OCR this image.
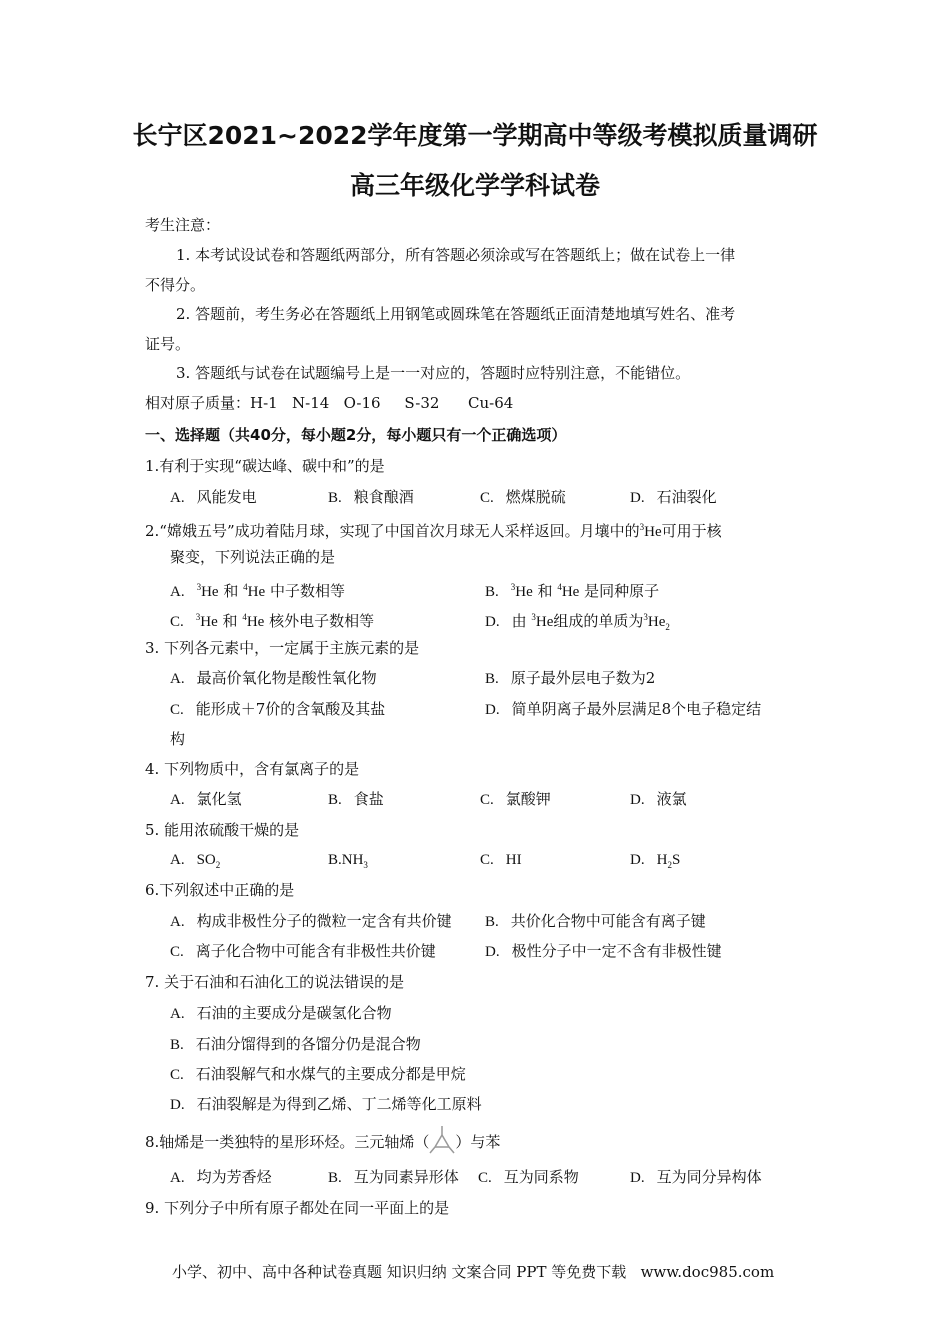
长宁区2021~2022学年度第一学期高中等级考模拟质量调研
高三年级化学学科试卷
考生注意：
1. 本考试设试卷和答题纸两部分，所有答题必须涂或写在答题纸上；做在试卷上一律
不得分。
2. 答题前，考生务必在答题纸上用钢笔或圆珠笔在答题纸正面清楚地填写姓名、准考
证号。
3. 答题纸与试卷在试题编号上是一一对应的，答题时应特别注意，不能错位。
相对原子质量：H-1   N-14   O-16     S-32      Cu-64
一、选择题（共40分，每小题2分，每小题只有一个正确选项）
1.有利于实现“碳达峰、碳中和”的是
A. 风能发电	B. 粮食酿酒	C. 燃煤脱硫	D. 石油裂化
2.“嫦娥五号”成功着陆月球，实现了中国首次月球无人采样返回。月壤中的$^3$He可用于核
聚变，下列说法正确的是
A. $^3$He 和 $^4$He 中子数相等	B. $^3$He 和 $^4$He 是同种原子
C. $^3$He 和 $^4$He 核外电子数相等	D. 由 $^3$He组成的单质为$^3He_2$
3. 下列各元素中，一定属于主族元素的是
A. 最高价氧化物是酸性氧化物	B. 原子最外层电子数为2
C. 能形成＋7价的含氧酸及其盐	D. 简单阴离子最外层满足8个电子稳定结
构
4. 下列物质中，含有氯离子的是
A. 氯化氢	B. 食盐	C. 氯酸钾	D. 液氯
5. 能用浓硫酸干燥的是
A. $SO_2$	$B.NH_3$	C. HI	D. $H_2S$
6.下列叙述中正确的是
A. 构成非极性分子的微粒一定含有共价键 B. 共价化合物中可能含有离子键
C. 离子化合物中可能含有非极性共价键	D. 极性分子中一定不含有非极性键
7. 关于石油和石油化工的说法错误的是
A. 石油的主要成分是碳氢化合物
B. 石油分馏得到的各馏分仍是混合物
C. 石油裂解气和水煤气的主要成分都是甲烷
D. 石油裂解是为得到乙烯、丁二烯等化工原料
8.轴烯是一类独特的星形环烃。三元轴烯（ ）与苯
A. 均为芳香烃	B. 互为同素异形体 C. 互为同系物	D. 互为同分异构体
9. 下列分子中所有原子都处在同一平面上的是
小学、初中、高中各种试卷真题 知识归纳 文案合同 PPT 等免费下载   www.doc985.com
